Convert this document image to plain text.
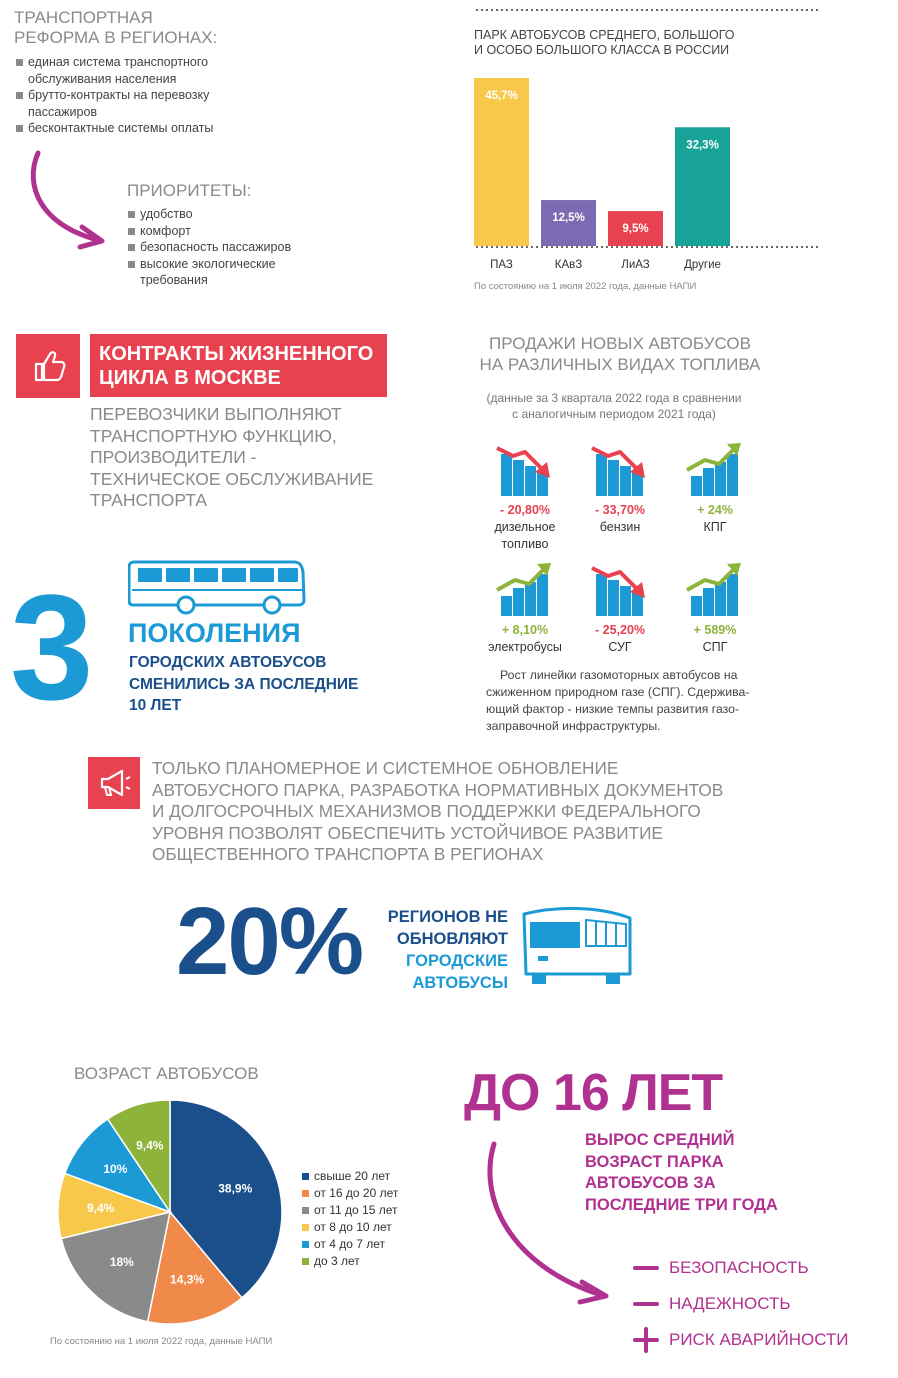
ТРАНСПОРТНАЯ
РЕФОРМА В РЕГИОНАХ:
единая система транспортного обслуживания населения
брутто-контракты на перевозку пассажиров
бесконтактные системы оплаты
ПРИОРИТЕТЫ:
удобство
комфорт
безопасность пассажиров
высокие экологические требования
ПАРК АВТОБУСОВ СРЕДНЕГО, БОЛЬШОГО
И ОСОБО БОЛЬШОГО КЛАССА В РОССИИ
45,7%
ПАЗ
12,5%
КАвЗ
9,5%
ЛиАЗ
32,3%
Другие
По состоянию на 1 июля 2022 года, данные НАПИ
КОНТРАКТЫ ЖИЗНЕННОГО
ЦИКЛА В МОСКВЕ
ПЕРЕВОЗЧИКИ ВЫПОЛНЯЮТ
ТРАНСПОРТНУЮ ФУНКЦИЮ,
ПРОИЗВОДИТЕЛИ -
ТЕХНИЧЕСКОЕ ОБСЛУЖИВАНИЕ
ТРАНСПОРТА
ПРОДАЖИ НОВЫХ АВТОБУСОВ
НА РАЗЛИЧНЫХ ВИДАХ ТОПЛИВА
(данные за 3 квартала 2022 года в сравнении
с аналогичным периодом 2021 года)
- 20,80%
дизельное
топливо
- 33,70%
бензин
+ 24%
КПГ
+ 8,10%
электробусы
- 25,20%
СУГ
+ 589%
СПГ
Рост линейки газомоторных автобусов на
сжиженном природном газе (СПГ). Сдержива-
ющий фактор - низкие темпы развития газо-
заправочной инфраструктуры.
3 ПОКОЛЕНИЯ
ГОРОДСКИХ АВТОБУСОВ
СМЕНИЛИСЬ ЗА ПОСЛЕДНИЕ
10 ЛЕТ
ТОЛЬКО ПЛАНОМЕРНОЕ И СИСТЕМНОЕ ОБНОВЛЕНИЕ
АВТОБУСНОГО ПАРКА, РАЗРАБОТКА НОРМАТИВНЫХ ДОКУМЕНТОВ
И ДОЛГОСРОЧНЫХ МЕХАНИЗМОВ ПОДДЕРЖКИ ФЕДЕРАЛЬНОГО
УРОВНЯ ПОЗВОЛЯТ ОБЕСПЕЧИТЬ УСТОЙЧИВОЕ РАЗВИТИЕ
ОБЩЕСТВЕННОГО ТРАНСПОРТА В РЕГИОНАХ
20%	РЕГИОНОВ НЕ
ОБНОВЛЯЮТ
ГОРОДСКИЕ
АВТОБУСЫ
ВОЗРАСТ АВТОБУСОВ
38,9%
14,3%
18%
9,4%
10%
9,4%
свыше 20 лет
от 16 до 20 лет
от 11 до 15 лет
от 8 до 10 лет
от 4 до 7 лет
до 3 лет
По состоянию на 1 июля 2022 года, данные НАПИ
ДО 16 ЛЕТ
ВЫРОС СРЕДНИЙ
ВОЗРАСТ ПАРКА
АВТОБУСОВ ЗА
ПОСЛЕДНИЕ ТРИ ГОДА
БЕЗОПАСНОСТЬ
НАДЕЖНОСТЬ
РИСК АВАРИЙНОСТИ
